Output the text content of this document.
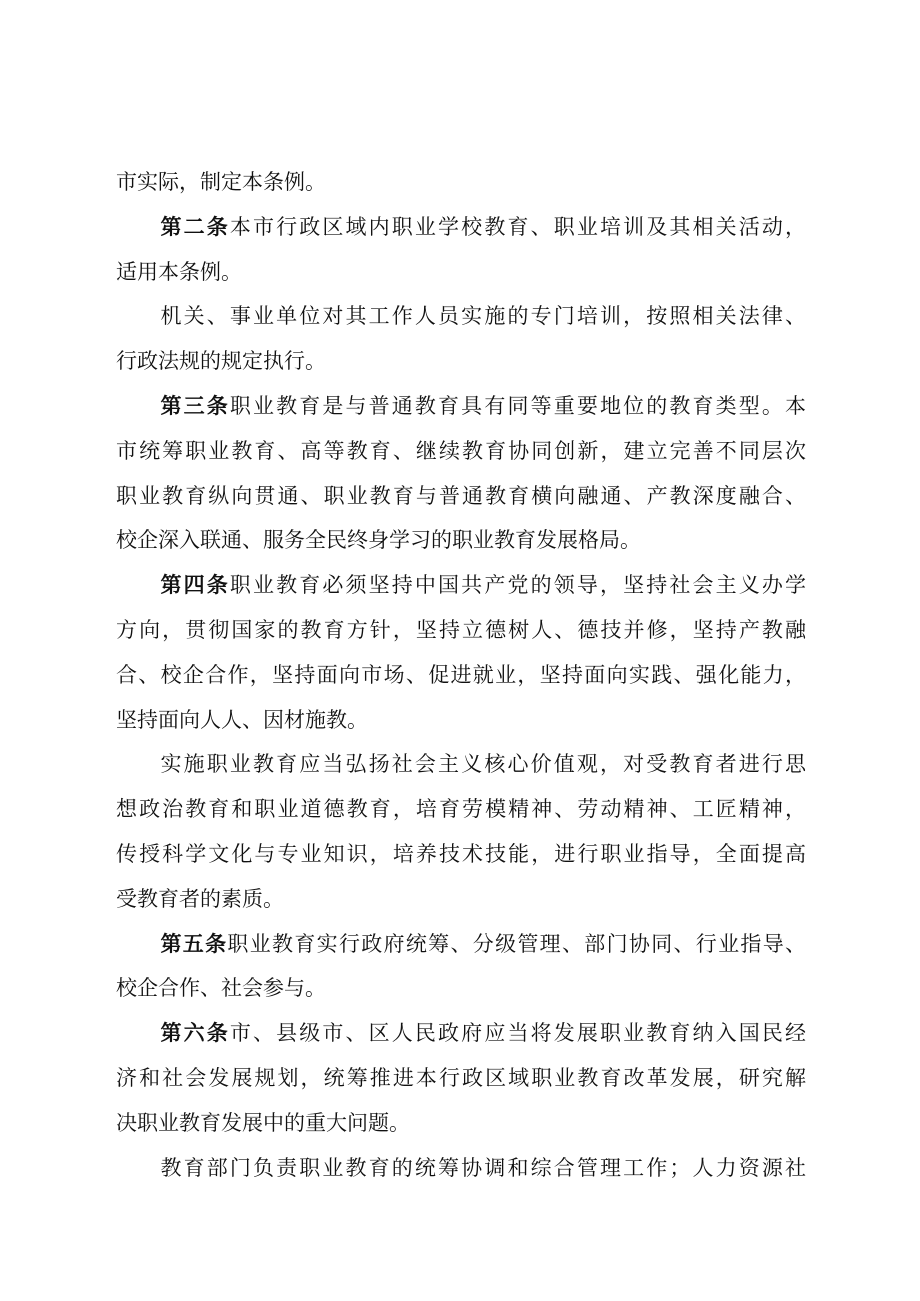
市实际，制定本条例。
第二条本市行政区域内职业学校教育、职业培训及其相关活动，
适用本条例。
机关、事业单位对其工作人员实施的专门培训，按照相关法律、
行政法规的规定执行。
第三条职业教育是与普通教育具有同等重要地位的教育类型。本
市统筹职业教育、高等教育、继续教育协同创新，建立完善不同层次
职业教育纵向贯通、职业教育与普通教育横向融通、产教深度融合、
校企深入联通、服务全民终身学习的职业教育发展格局。
第四条职业教育必须坚持中国共产党的领导，坚持社会主义办学
方向，贯彻国家的教育方针，坚持立德树人、德技并修，坚持产教融
合、校企合作，坚持面向市场、促进就业，坚持面向实践、强化能力，
坚持面向人人、因材施教。
实施职业教育应当弘扬社会主义核心价值观，对受教育者进行思
想政治教育和职业道德教育，培育劳模精神、劳动精神、工匠精神，
传授科学文化与专业知识，培养技术技能，进行职业指导，全面提高
受教育者的素质。
第五条职业教育实行政府统筹、分级管理、部门协同、行业指导、
校企合作、社会参与。
第六条市、县级市、区人民政府应当将发展职业教育纳入国民经
济和社会发展规划，统筹推进本行政区域职业教育改革发展，研究解
决职业教育发展中的重大问题。
教育部门负责职业教育的统筹协调和综合管理工作；人力资源社
